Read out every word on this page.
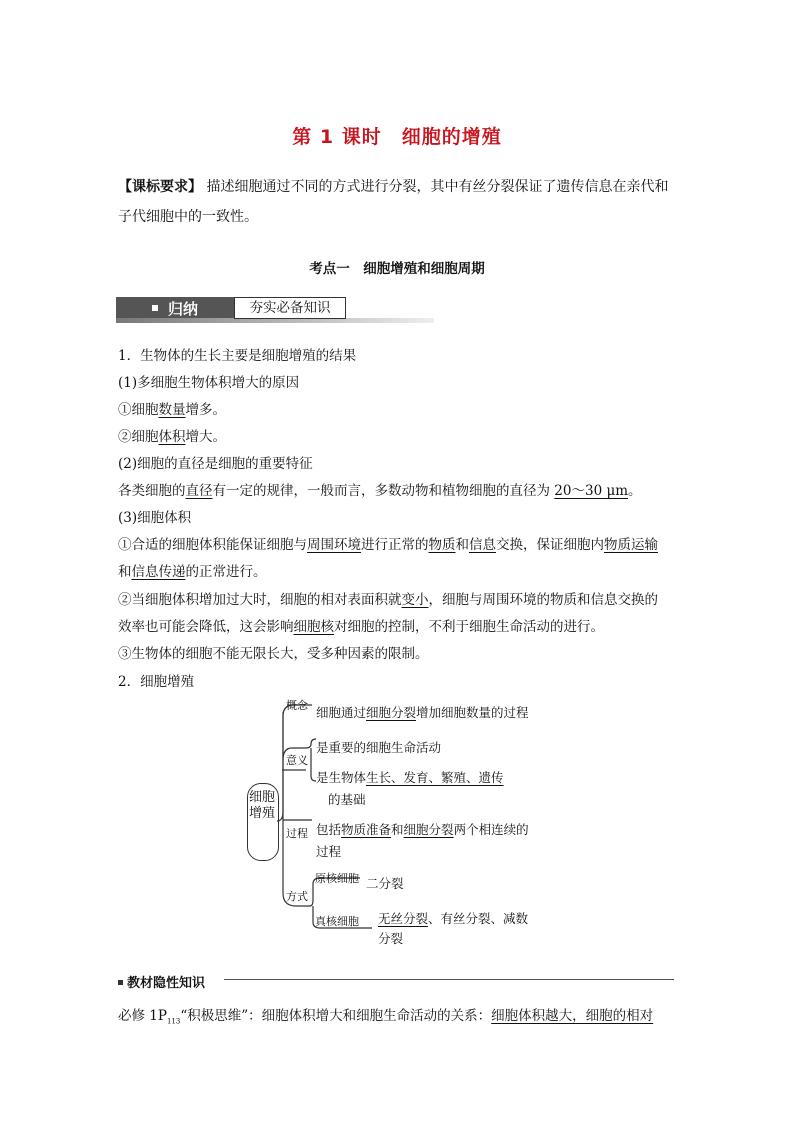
第 1 课时　细胞的增殖
【课标要求】 描述细胞通过不同的方式进行分裂，其中有丝分裂保证了遗传信息在亲代和子代细胞中的一致性。
考点一　细胞增殖和细胞周期
归纳	夯实必备知识
1．生物体的生长主要是细胞增殖的结果
(1)多细胞生物体积增大的原因
①细胞数量增多。
②细胞体积增大。
(2)细胞的直径是细胞的重要特征
各类细胞的直径有一定的规律，一般而言，多数动物和植物细胞的直径为 20～30 μm。
(3)细胞体积
①合适的细胞体积能保证细胞与周围环境进行正常的物质和信息交换，保证细胞内物质运输
和信息传递的正常进行。
②当细胞体积增加过大时，细胞的相对表面积就变小，细胞与周围环境的物质和信息交换的
效率也可能会降低，这会影响细胞核对细胞的控制，不利于细胞生命活动的进行。
③生物体的细胞不能无限长大，受多种因素的限制。
2．细胞增殖
细胞增殖
概念 细胞通过细胞分裂增加细胞数量的过程
意义
是重要的细胞生命活动
是生物体生长、发育、繁殖、遗传
的基础
过程 包括物质准备和细胞分裂两个相连续的
过程
方式
原核细胞 二分裂
真核细胞 无丝分裂、有丝分裂、减数
分裂
教材隐性知识
必修 $1P_{113}“$积极思维”：细胞体积增大和细胞生命活动的关系：细胞体积越大，细胞的相对
